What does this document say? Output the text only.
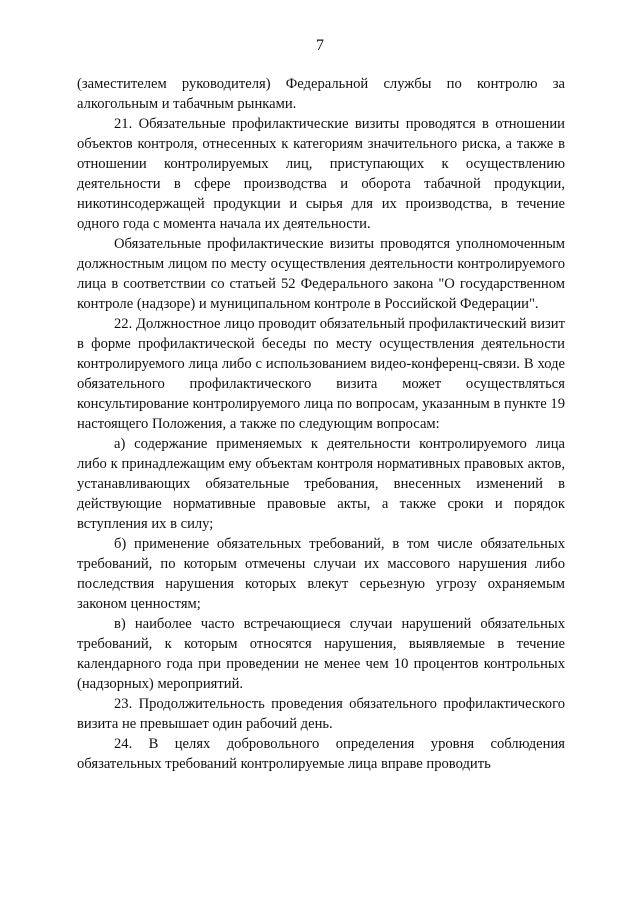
7

(заместителем руководителя) Федеральной службы по контролю за алкогольным и табачным рынками.

21. Обязательные профилактические визиты проводятся в отношении объектов контроля, отнесенных к категориям значительного риска, а также в отношении контролируемых лиц, приступающих к осуществлению деятельности в сфере производства и оборота табачной продукции, никотинсодержащей продукции и сырья для их производства, в течение одного года с момента начала их деятельности.

Обязательные профилактические визиты проводятся уполномоченным должностным лицом по месту осуществления деятельности контролируемого лица в соответствии со статьей 52 Федерального закона "О государственном контроле (надзоре) и муниципальном контроле в Российской Федерации".

22. Должностное лицо проводит обязательный профилактический визит в форме профилактической беседы по месту осуществления деятельности контролируемого лица либо с использованием видео-конференц-связи. В ходе обязательного профилактического визита может осуществляться консультирование контролируемого лица по вопросам, указанным в пункте 19 настоящего Положения, а также по следующим вопросам:

а) содержание применяемых к деятельности контролируемого лица либо к принадлежащим ему объектам контроля нормативных правовых актов, устанавливающих обязательные требования, внесенных изменений в действующие нормативные правовые акты, а также сроки и порядок вступления их в силу;

б) применение обязательных требований, в том числе обязательных требований, по которым отмечены случаи их массового нарушения либо последствия нарушения которых влекут серьезную угрозу охраняемым законом ценностям;

в) наиболее часто встречающиеся случаи нарушений обязательных требований, к которым относятся нарушения, выявляемые в течение календарного года при проведении не менее чем 10 процентов контрольных (надзорных) мероприятий.

23. Продолжительность проведения обязательного профилактического визита не превышает один рабочий день.

24. В целях добровольного определения уровня соблюдения обязательных требований контролируемые лица вправе проводить
